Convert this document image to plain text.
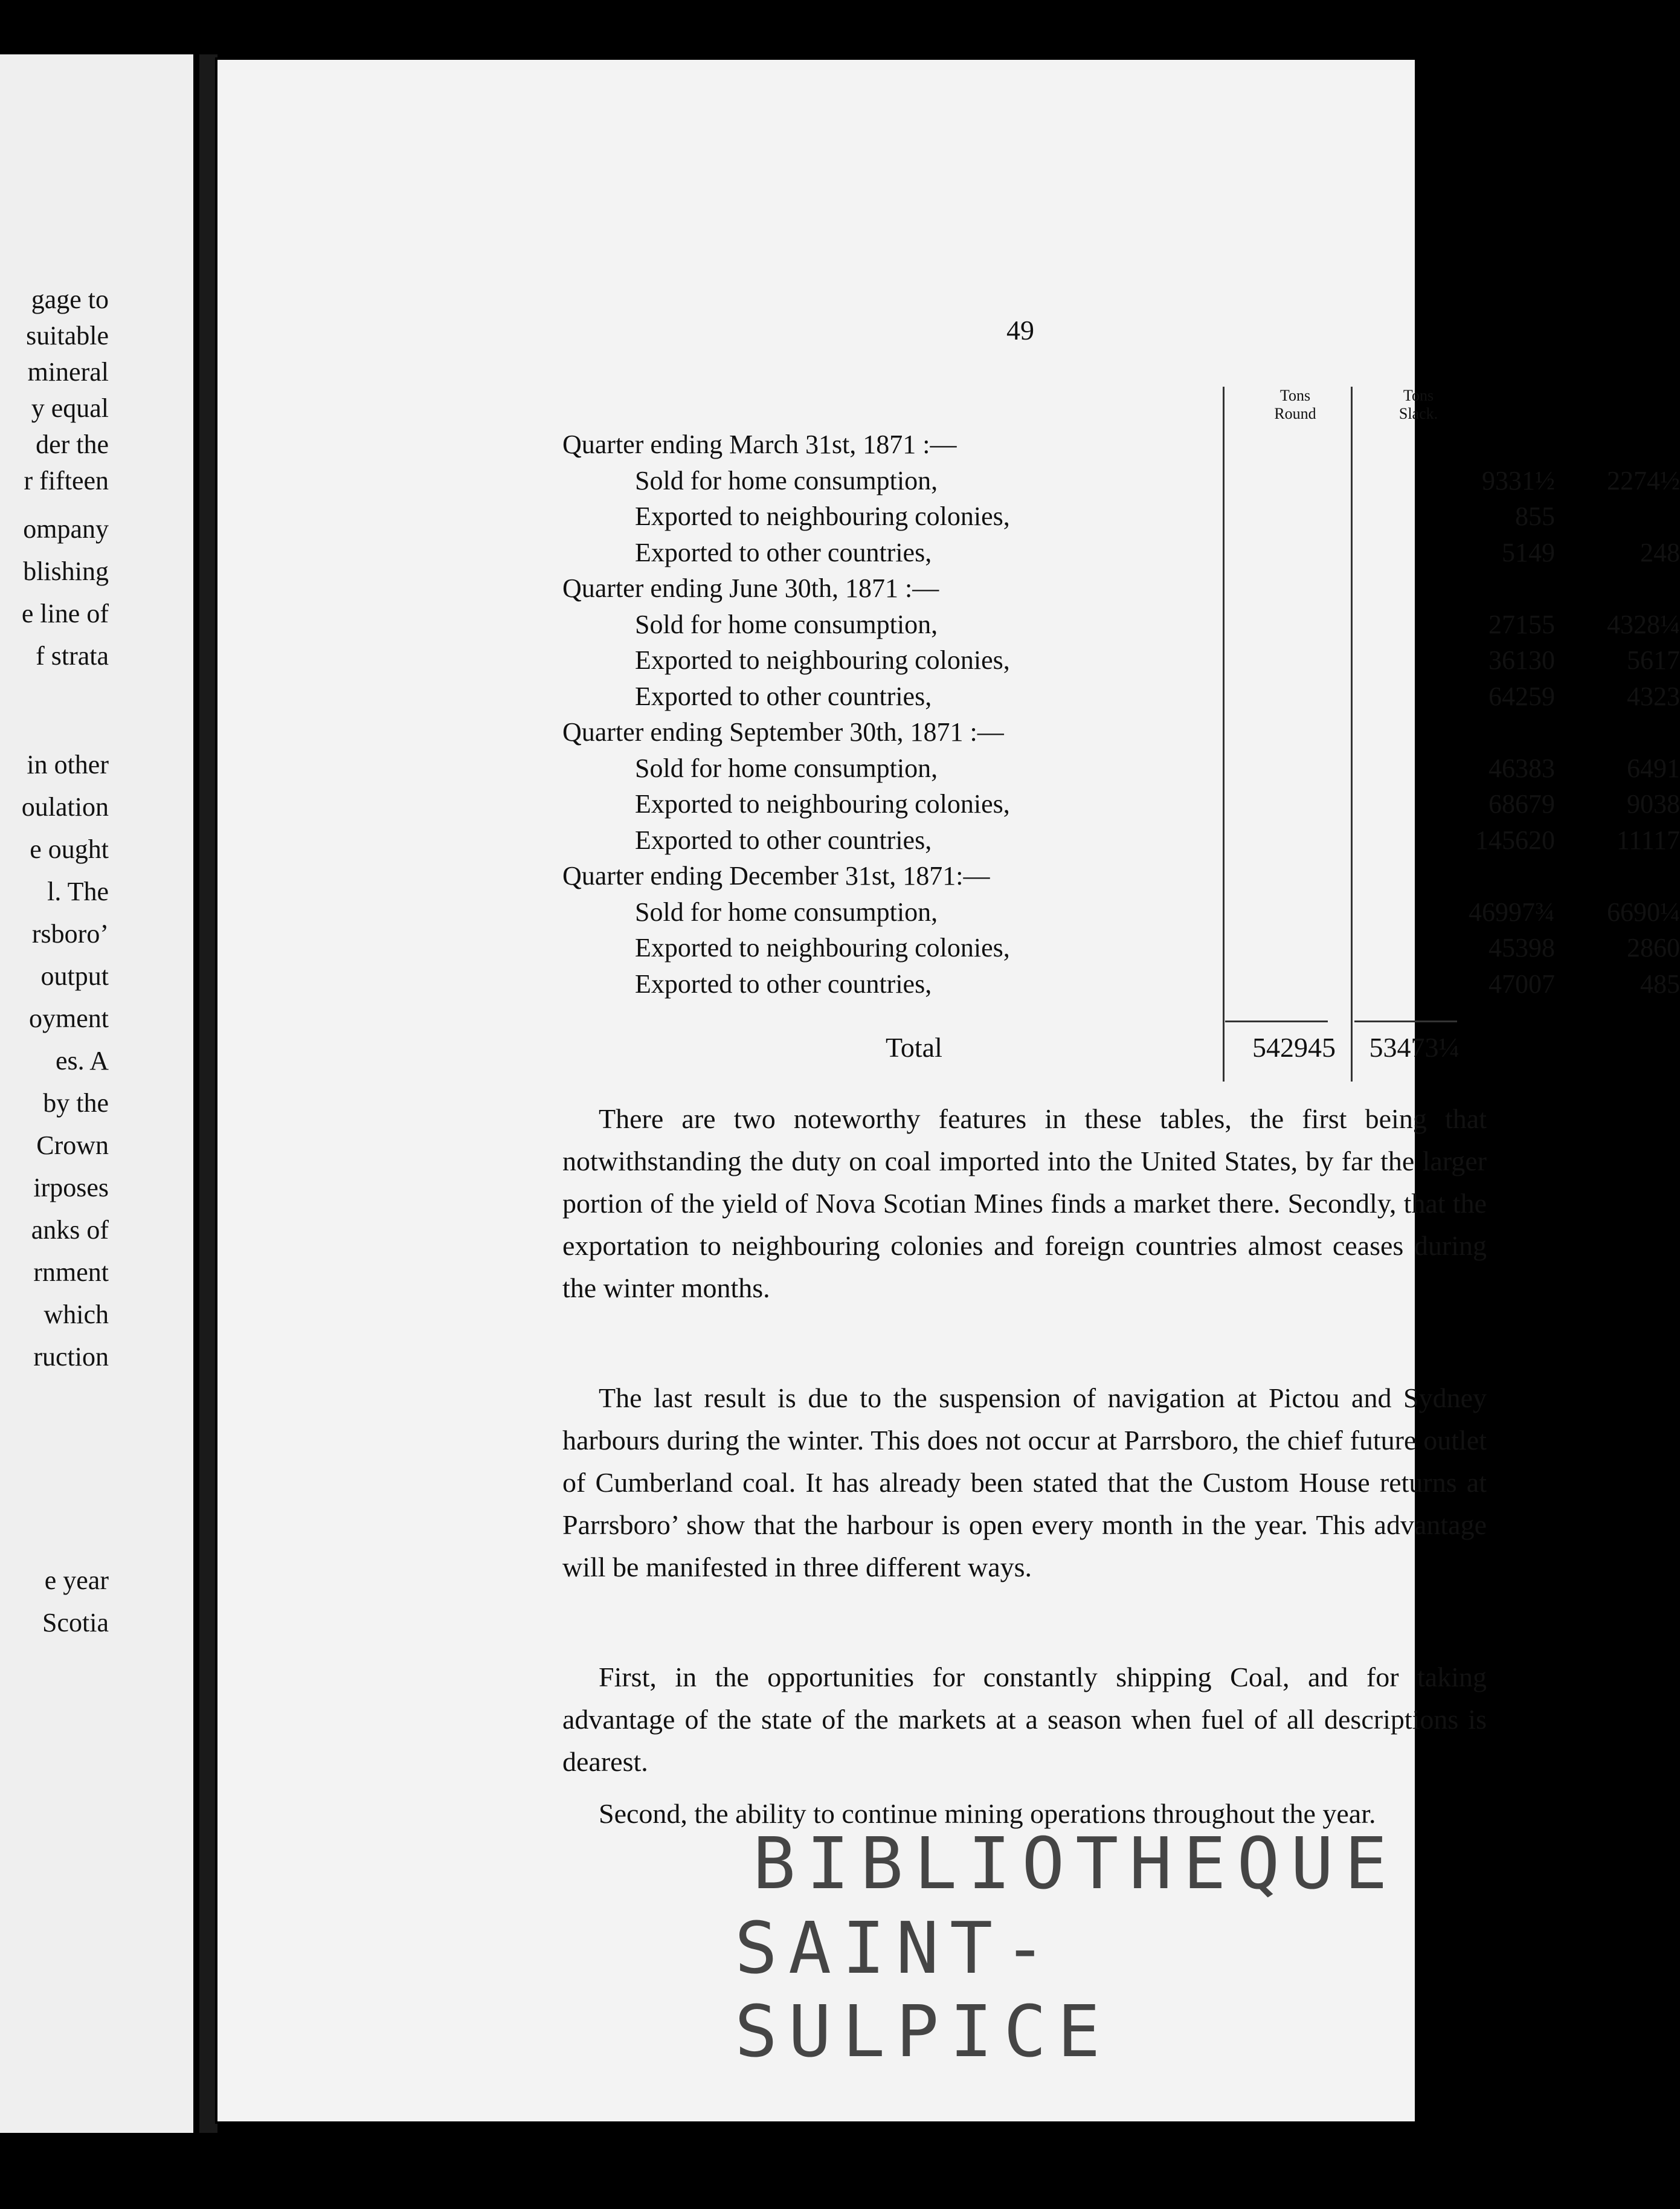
gage to
suitable
mineral
y equal
der the
r fifteen
ompany
blishing
e line of
f strata
in other
oulation
e ought
l. The
rsboro’
output
oyment
es. A
by the
Crown
irposes
anks of
rnment
which
ruction
e year
Scotia
49
Tons
Round
Tons
Slack.
Quarter ending March 31st, 1871 :—
Sold for home consumption,	9331½	2274½
Exported to neighbouring colonies,	855
Exported to other countries,	5149	248
Quarter ending June 30th, 1871 :—
Sold for home consumption,	27155	4328¼
Exported to neighbouring colonies,	36130	5617
Exported to other countries,	64259	4323
Quarter ending September 30th, 1871 :—
Sold for home consumption,	46383	6491
Exported to neighbouring colonies,	68679	9038
Exported to other countries,	145620	11117
Quarter ending December 31st, 1871:—
Sold for home consumption,	46997¾	6690¼
Exported to neighbouring colonies,	45398	2860
Exported to other countries,	47007	485
Total	542945	53473¼

There are two noteworthy features in these tables, the first being that notwithstanding the duty on coal imported into the United States, by far the larger portion of the yield of Nova Scotian Mines finds a market there. Secondly, that the exportation to neighbouring colonies and foreign countries almost ceases during the winter months.

The last result is due to the suspension of navigation at Pictou and Sydney harbours during the winter. This does not occur at Parrsboro, the chief future outlet of Cumberland coal. It has already been stated that the Custom House returns at Parrsboro’ show that the harbour is open every month in the year. This advantage will be manifested in three different ways.

First, in the opportunities for constantly shipping Coal, and for taking advantage of the state of the markets at a season when fuel of all descriptions is dearest.

Second, the ability to continue mining operations throughout the year.

BIBLIOTHEQUE
SAINT-SULPICE
